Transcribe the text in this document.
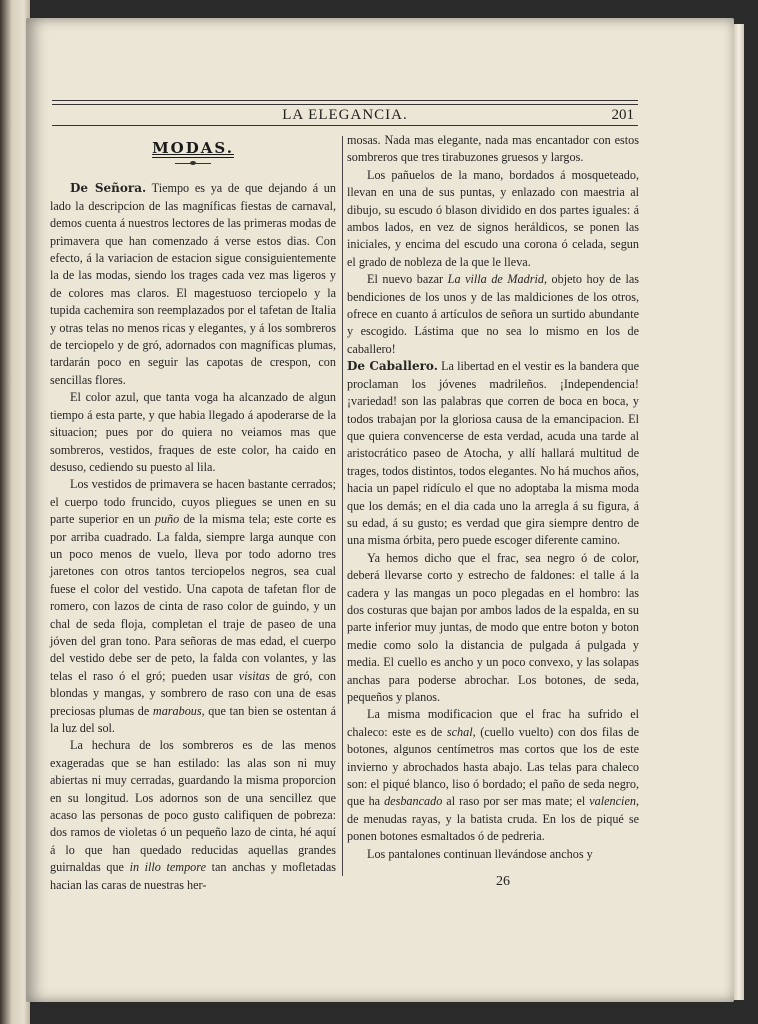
LA ELEGANCIA.	201
MODAS.

De Señora. Tiempo es ya de que dejando á un lado la descripcion de las magníficas fiestas de carnaval, demos cuenta á nuestros lectores de las primeras modas de primavera que han comenzado á verse estos dias. Con efecto, á la variacion de estacion sigue consiguientemente la de las modas, siendo los trages cada vez mas ligeros y de colores mas claros. El magestuoso terciopelo y la tupida cachemira son reemplazados por el tafetan de Italia y otras telas no menos ricas y elegantes, y á los sombreros de terciopelo y de gró, adornados con magníficas plumas, tardarán poco en seguir las capotas de crespon, con sencillas flores.

El color azul, que tanta voga ha alcanzado de algun tiempo á esta parte, y que habia llegado á apoderarse de la situacion; pues por do quiera no veiamos mas que sombreros, vestidos, fraques de este color, ha caido en desuso, cediendo su puesto al lila.

Los vestidos de primavera se hacen bastante cerrados; el cuerpo todo fruncido, cuyos pliegues se unen en su parte superior en un puño de la misma tela; este corte es por arriba cuadrado. La falda, siempre larga aunque con un poco menos de vuelo, lleva por todo adorno tres jaretones con otros tantos terciopelos negros, sea cual fuese el color del vestido. Una capota de tafetan flor de romero, con lazos de cinta de raso color de guindo, y un chal de seda floja, completan el traje de paseo de una jóven del gran tono. Para señoras de mas edad, el cuerpo del vestido debe ser de peto, la falda con volantes, y las telas el raso ó el gró; pueden usar visitas de gró, con blondas y mangas, y sombrero de raso con una de esas preciosas plumas de marabous, que tan bien se ostentan á la luz del sol.

La hechura de los sombreros es de las menos exageradas que se han estilado: las alas son ni muy abiertas ni muy cerradas, guardando la misma proporcion en su longitud. Los adornos son de una sencillez que acaso las personas de poco gusto califiquen de pobreza: dos ramos de violetas ó un pequeño lazo de cinta, hé aquí á lo que han quedado reducidas aquellas grandes guirnaldas que in illo tempore tan anchas y mofletadas hacian las caras de nuestras her-

mosas. Nada mas elegante, nada mas encantador con estos sombreros que tres tirabuzones gruesos y largos.

Los pañuelos de la mano, bordados á mosqueteado, llevan en una de sus puntas, y enlazado con maestria al dibujo, su escudo ó blason dividido en dos partes iguales: á ambos lados, en vez de signos heráldicos, se ponen las iniciales, y encima del escudo una corona ó celada, segun el grado de nobleza de la que le lleva.

El nuevo bazar La villa de Madrid, objeto hoy de las bendiciones de los unos y de las maldiciones de los otros, ofrece en cuanto á artículos de señora un surtido abundante y escogido. Lástima que no sea lo mismo en los de caballero!

De Caballero. La libertad en el vestir es la bandera que proclaman los jóvenes madrileños. ¡Independencia! ¡variedad! son las palabras que corren de boca en boca, y todos trabajan por la gloriosa causa de la emancipacion. El que quiera convencerse de esta verdad, acuda una tarde al aristocrático paseo de Atocha, y allí hallará multitud de trages, todos distintos, todos elegantes. No há muchos años, hacia un papel ridículo el que no adoptaba la misma moda que los demás; en el dia cada uno la arregla á su figura, á su edad, á su gusto; es verdad que gira siempre dentro de una misma órbita, pero puede escoger diferente camino.

Ya hemos dicho que el frac, sea negro ó de color, deberá llevarse corto y estrecho de faldones: el talle á la cadera y las mangas un poco plegadas en el hombro: las dos costuras que bajan por ambos lados de la espalda, en su parte inferior muy juntas, de modo que entre boton y boton medie como solo la distancia de pulgada á pulgada y media. El cuello es ancho y un poco convexo, y las solapas anchas para poderse abrochar. Los botones, de seda, pequeños y planos.

La misma modificacion que el frac ha sufrido el chaleco: este es de schal, (cuello vuelto) con dos filas de botones, algunos centímetros mas cortos que los de este invierno y abrochados hasta abajo. Las telas para chaleco son: el piqué blanco, liso ó bordado; el paño de seda negro, que ha desbancado al raso por ser mas mate; el valencien, de menudas rayas, y la batista cruda. En los de piqué se ponen botones esmaltados ó de pedreria.

Los pantalones continuan llevándose anchos y

26
